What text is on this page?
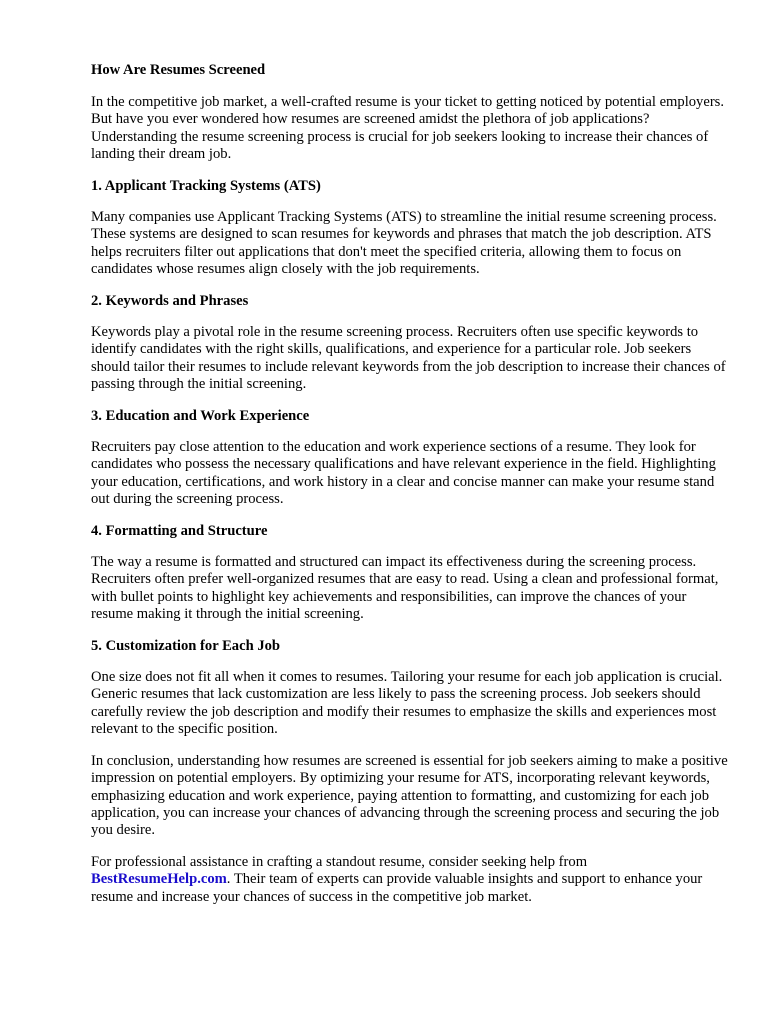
How Are Resumes Screened

In the competitive job market, a well-crafted resume is your ticket to getting noticed by potential employers. But have you ever wondered how resumes are screened amidst the plethora of job applications? Understanding the resume screening process is crucial for job seekers looking to increase their chances of landing their dream job.

1. Applicant Tracking Systems (ATS)

Many companies use Applicant Tracking Systems (ATS) to streamline the initial resume screening process. These systems are designed to scan resumes for keywords and phrases that match the job description. ATS helps recruiters filter out applications that don't meet the specified criteria, allowing them to focus on candidates whose resumes align closely with the job requirements.

2. Keywords and Phrases

Keywords play a pivotal role in the resume screening process. Recruiters often use specific keywords to identify candidates with the right skills, qualifications, and experience for a particular role. Job seekers should tailor their resumes to include relevant keywords from the job description to increase their chances of passing through the initial screening.

3. Education and Work Experience

Recruiters pay close attention to the education and work experience sections of a resume. They look for candidates who possess the necessary qualifications and have relevant experience in the field. Highlighting your education, certifications, and work history in a clear and concise manner can make your resume stand out during the screening process.

4. Formatting and Structure

The way a resume is formatted and structured can impact its effectiveness during the screening process. Recruiters often prefer well-organized resumes that are easy to read. Using a clean and professional format, with bullet points to highlight key achievements and responsibilities, can improve the chances of your resume making it through the initial screening.

5. Customization for Each Job

One size does not fit all when it comes to resumes. Tailoring your resume for each job application is crucial. Generic resumes that lack customization are less likely to pass the screening process. Job seekers should carefully review the job description and modify their resumes to emphasize the skills and experiences most relevant to the specific position.

In conclusion, understanding how resumes are screened is essential for job seekers aiming to make a positive impression on potential employers. By optimizing your resume for ATS, incorporating relevant keywords, emphasizing education and work experience, paying attention to formatting, and customizing for each job application, you can increase your chances of advancing through the screening process and securing the job you desire.

For professional assistance in crafting a standout resume, consider seeking help from BestResumeHelp.com. Their team of experts can provide valuable insights and support to enhance your resume and increase your chances of success in the competitive job market.
